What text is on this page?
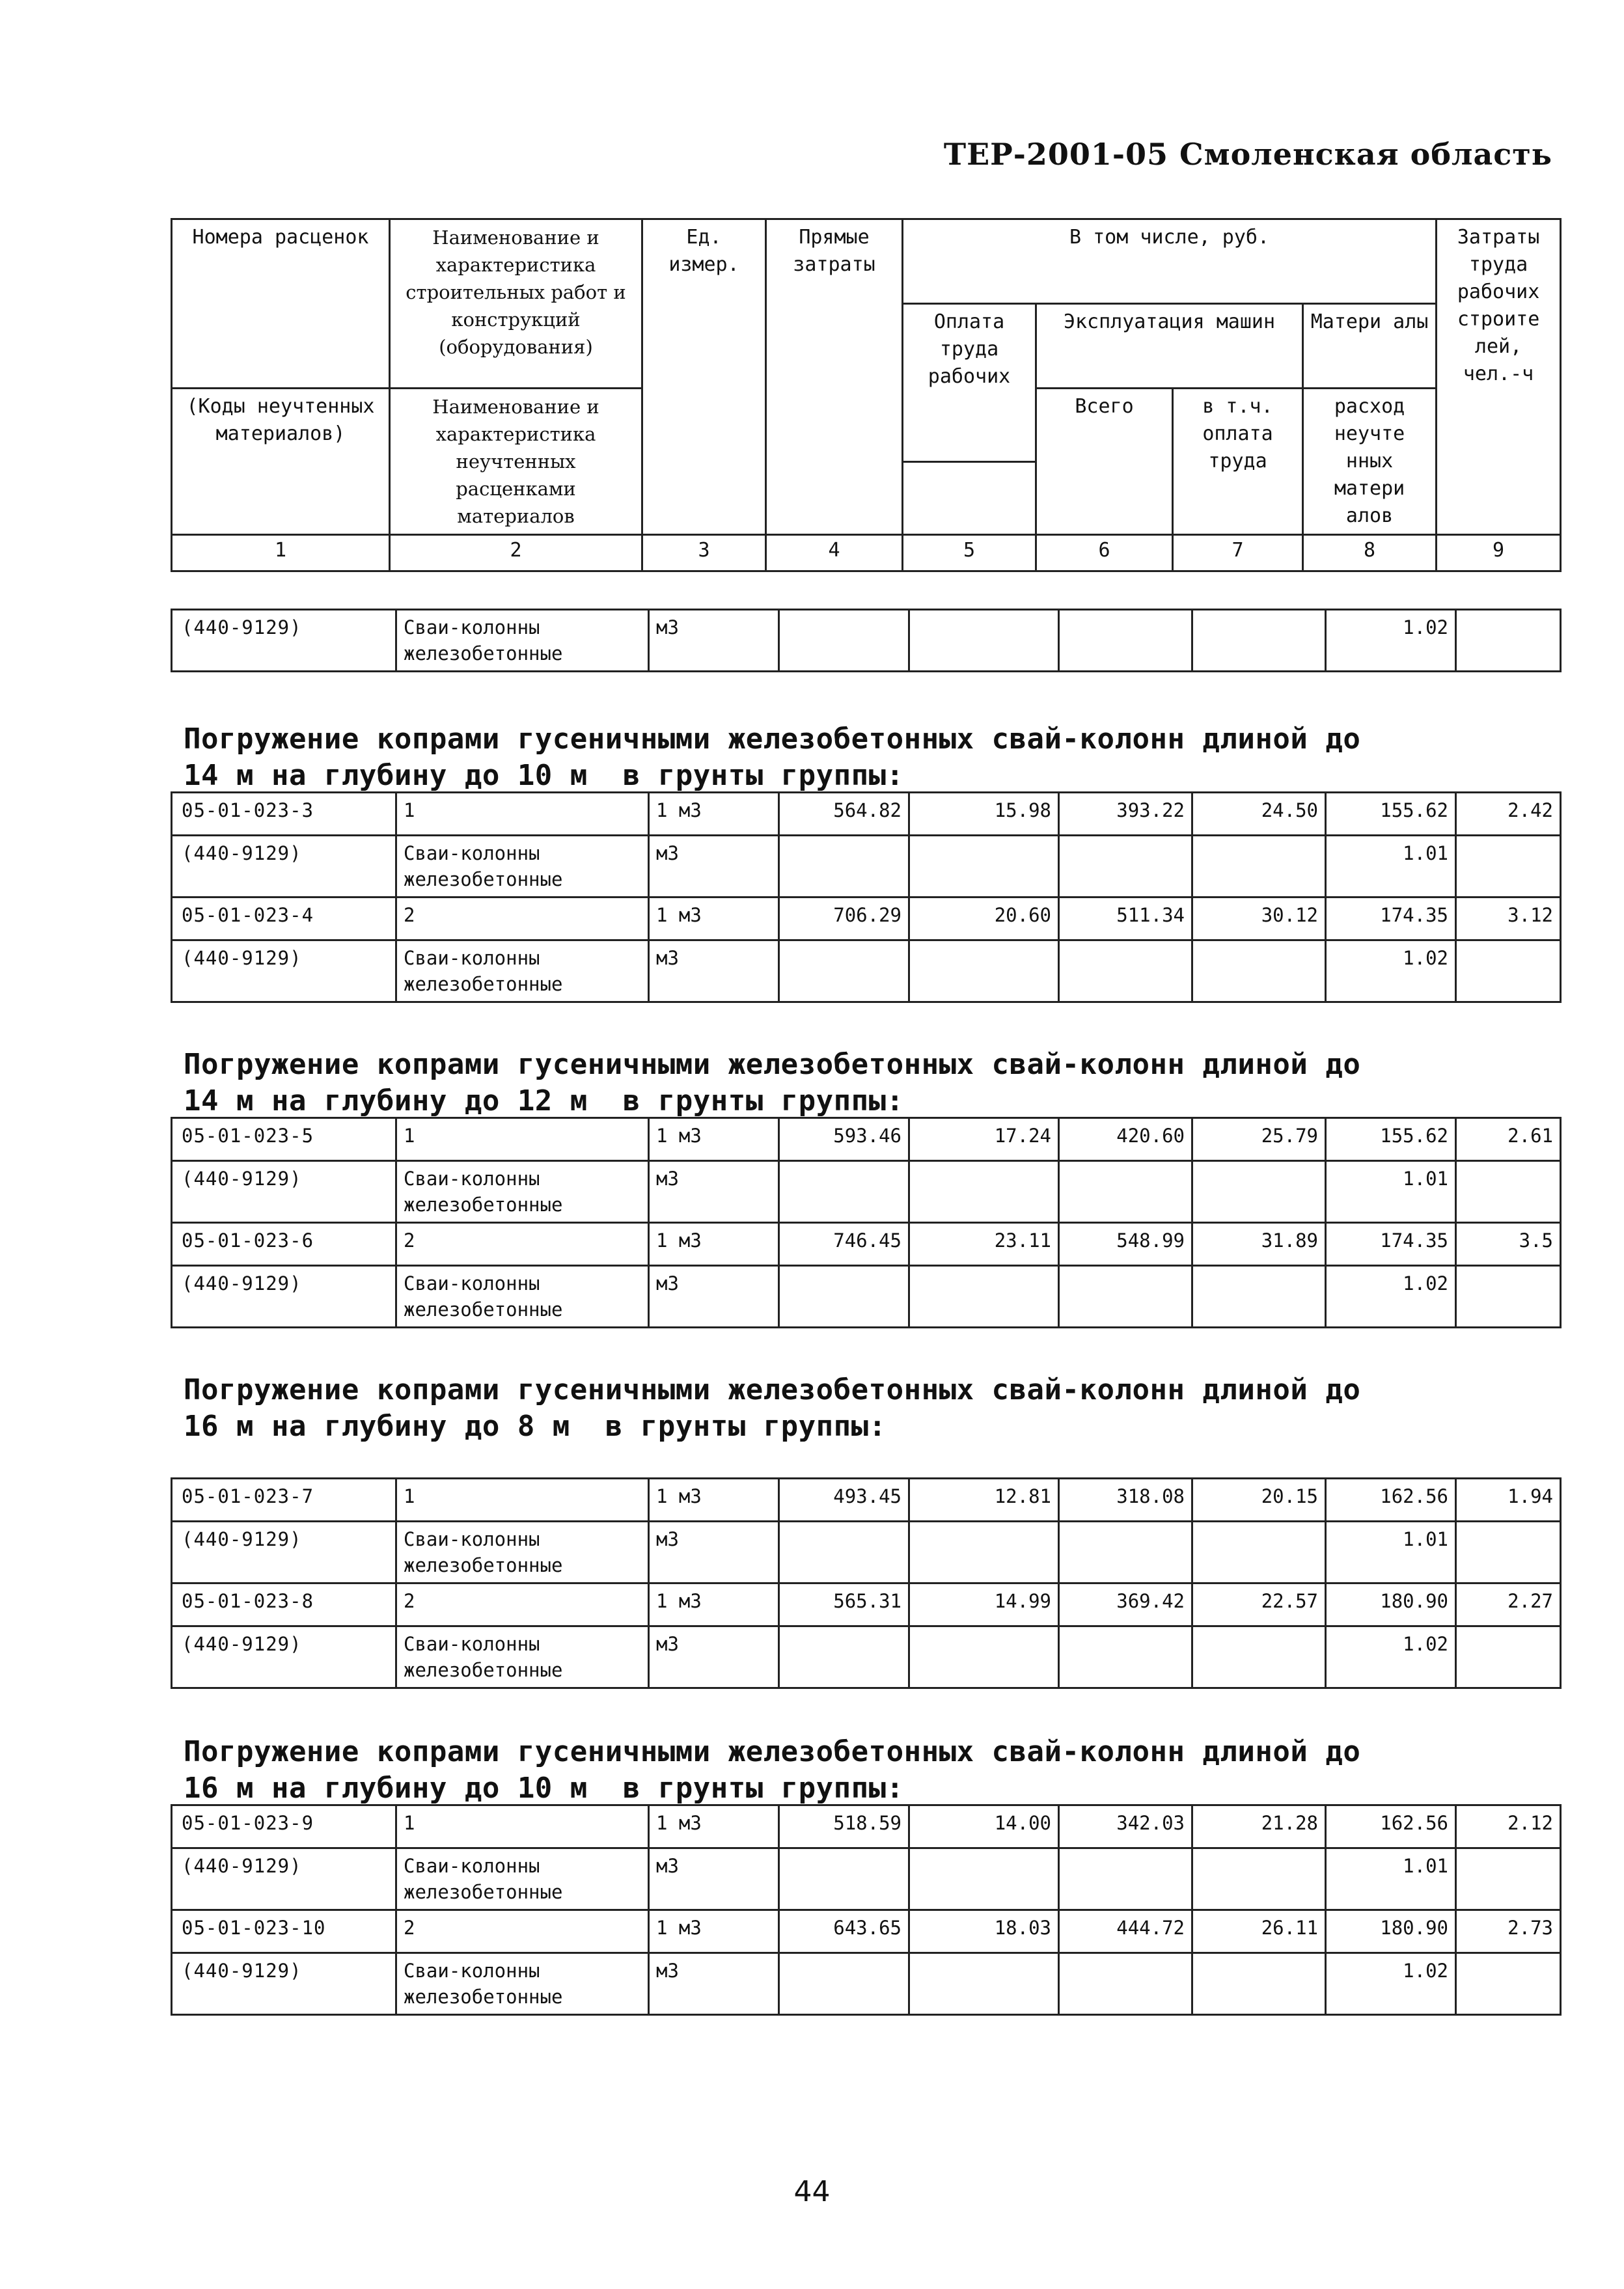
ТЕР-2001-05 Смоленская область
Номера расценок	Наименование и характеристика строительных работ и конструкций (оборудования)	Ед. измер.	Прямые затраты	В том числе, руб.				Затраты труда рабочих строите лей, чел.-ч
				Оплата труда рабочих	Эксплуатация машин		Матери алы	
(Коды неучтенных материалов)	Наименование и характеристика неучтенных расценками материалов				Всего	в т.ч. оплата труда	расход неучте нных матери алов	

1	2	3	4	5	6	7	8	9
(440-9129)	Сваи-колонны железобетонные	м3					1.02	
Погружение копрами гусеничными железобетонных свай-колонн длиной до
14 м на глубину до 10 м  в грунты группы:
05-01-023-3	1	1 м3	564.82	15.98	393.22	24.50	155.62	2.42
(440-9129)	Сваи-колонны железобетонные	м3					1.01	
05-01-023-4	2	1 м3	706.29	20.60	511.34	30.12	174.35	3.12
(440-9129)	Сваи-колонны железобетонные	м3					1.02	
Погружение копрами гусеничными железобетонных свай-колонн длиной до
14 м на глубину до 12 м  в грунты группы:
05-01-023-5	1	1 м3	593.46	17.24	420.60	25.79	155.62	2.61
(440-9129)	Сваи-колонны железобетонные	м3					1.01	
05-01-023-6	2	1 м3	746.45	23.11	548.99	31.89	174.35	3.5
(440-9129)	Сваи-колонны железобетонные	м3					1.02	
Погружение копрами гусеничными железобетонных свай-колонн длиной до
16 м на глубину до 8 м  в грунты группы:
05-01-023-7	1	1 м3	493.45	12.81	318.08	20.15	162.56	1.94
(440-9129)	Сваи-колонны железобетонные	м3					1.01	
05-01-023-8	2	1 м3	565.31	14.99	369.42	22.57	180.90	2.27
(440-9129)	Сваи-колонны железобетонные	м3					1.02	
Погружение копрами гусеничными железобетонных свай-колонн длиной до
16 м на глубину до 10 м  в грунты группы:
05-01-023-9	1	1 м3	518.59	14.00	342.03	21.28	162.56	2.12
(440-9129)	Сваи-колонны железобетонные	м3					1.01	
05-01-023-10	2	1 м3	643.65	18.03	444.72	26.11	180.90	2.73
(440-9129)	Сваи-колонны железобетонные	м3					1.02	
44
